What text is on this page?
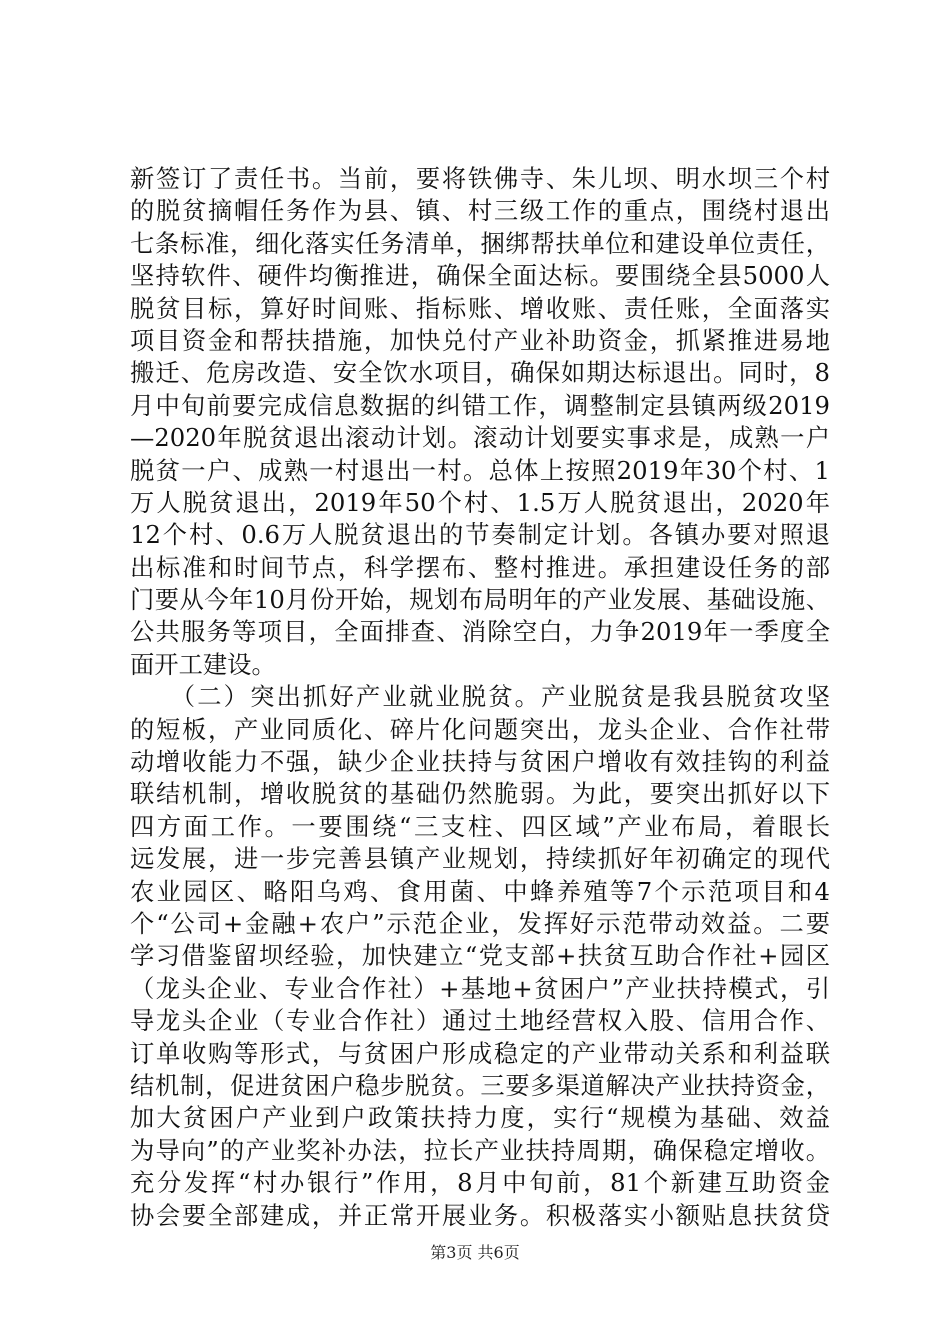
新签订了责任书。当前，要将铁佛寺、朱儿坝、明水坝三个村
的脱贫摘帽任务作为县、镇、村三级工作的重点，围绕村退出
七条标准，细化落实任务清单，捆绑帮扶单位和建设单位责任，
坚持软件、硬件均衡推进，确保全面达标。要围绕全县5000人
脱贫目标，算好时间账、指标账、增收账、责任账，全面落实
项目资金和帮扶措施，加快兑付产业补助资金，抓紧推进易地
搬迁、危房改造、安全饮水项目，确保如期达标退出。同时，8
月中旬前要完成信息数据的纠错工作，调整制定县镇两级2019
—2020年脱贫退出滚动计划。滚动计划要实事求是，成熟一户
脱贫一户、成熟一村退出一村。总体上按照2019年30个村、1
万人脱贫退出，2019年50个村、1.5万人脱贫退出，2020年
12个村、0.6万人脱贫退出的节奏制定计划。各镇办要对照退
出标准和时间节点，科学摆布、整村推进。承担建设任务的部
门要从今年10月份开始，规划布局明年的产业发展、基础设施、
公共服务等项目，全面排查、消除空白，力争2019年一季度全
面开工建设。
　　（二）突出抓好产业就业脱贫。产业脱贫是我县脱贫攻坚
的短板，产业同质化、碎片化问题突出，龙头企业、合作社带
动增收能力不强，缺少企业扶持与贫困户增收有效挂钩的利益
联结机制，增收脱贫的基础仍然脆弱。为此，要突出抓好以下
四方面工作。一要围绕“三支柱、四区域”产业布局，着眼长
远发展，进一步完善县镇产业规划，持续抓好年初确定的现代
农业园区、略阳乌鸡、食用菌、中蜂养殖等7个示范项目和4
个“公司+金融+农户”示范企业，发挥好示范带动效益。二要
学习借鉴留坝经验，加快建立“党支部+扶贫互助合作社+园区
（龙头企业、专业合作社）+基地+贫困户”产业扶持模式，引
导龙头企业（专业合作社）通过土地经营权入股、信用合作、
订单收购等形式，与贫困户形成稳定的产业带动关系和利益联
结机制，促进贫困户稳步脱贫。三要多渠道解决产业扶持资金，
加大贫困户产业到户政策扶持力度，实行“规模为基础、效益
为导向”的产业奖补办法，拉长产业扶持周期，确保稳定增收。
充分发挥“村办银行”作用，8月中旬前，81个新建互助资金
协会要全部建成，并正常开展业务。积极落实小额贴息扶贫贷
第3页 共6页
